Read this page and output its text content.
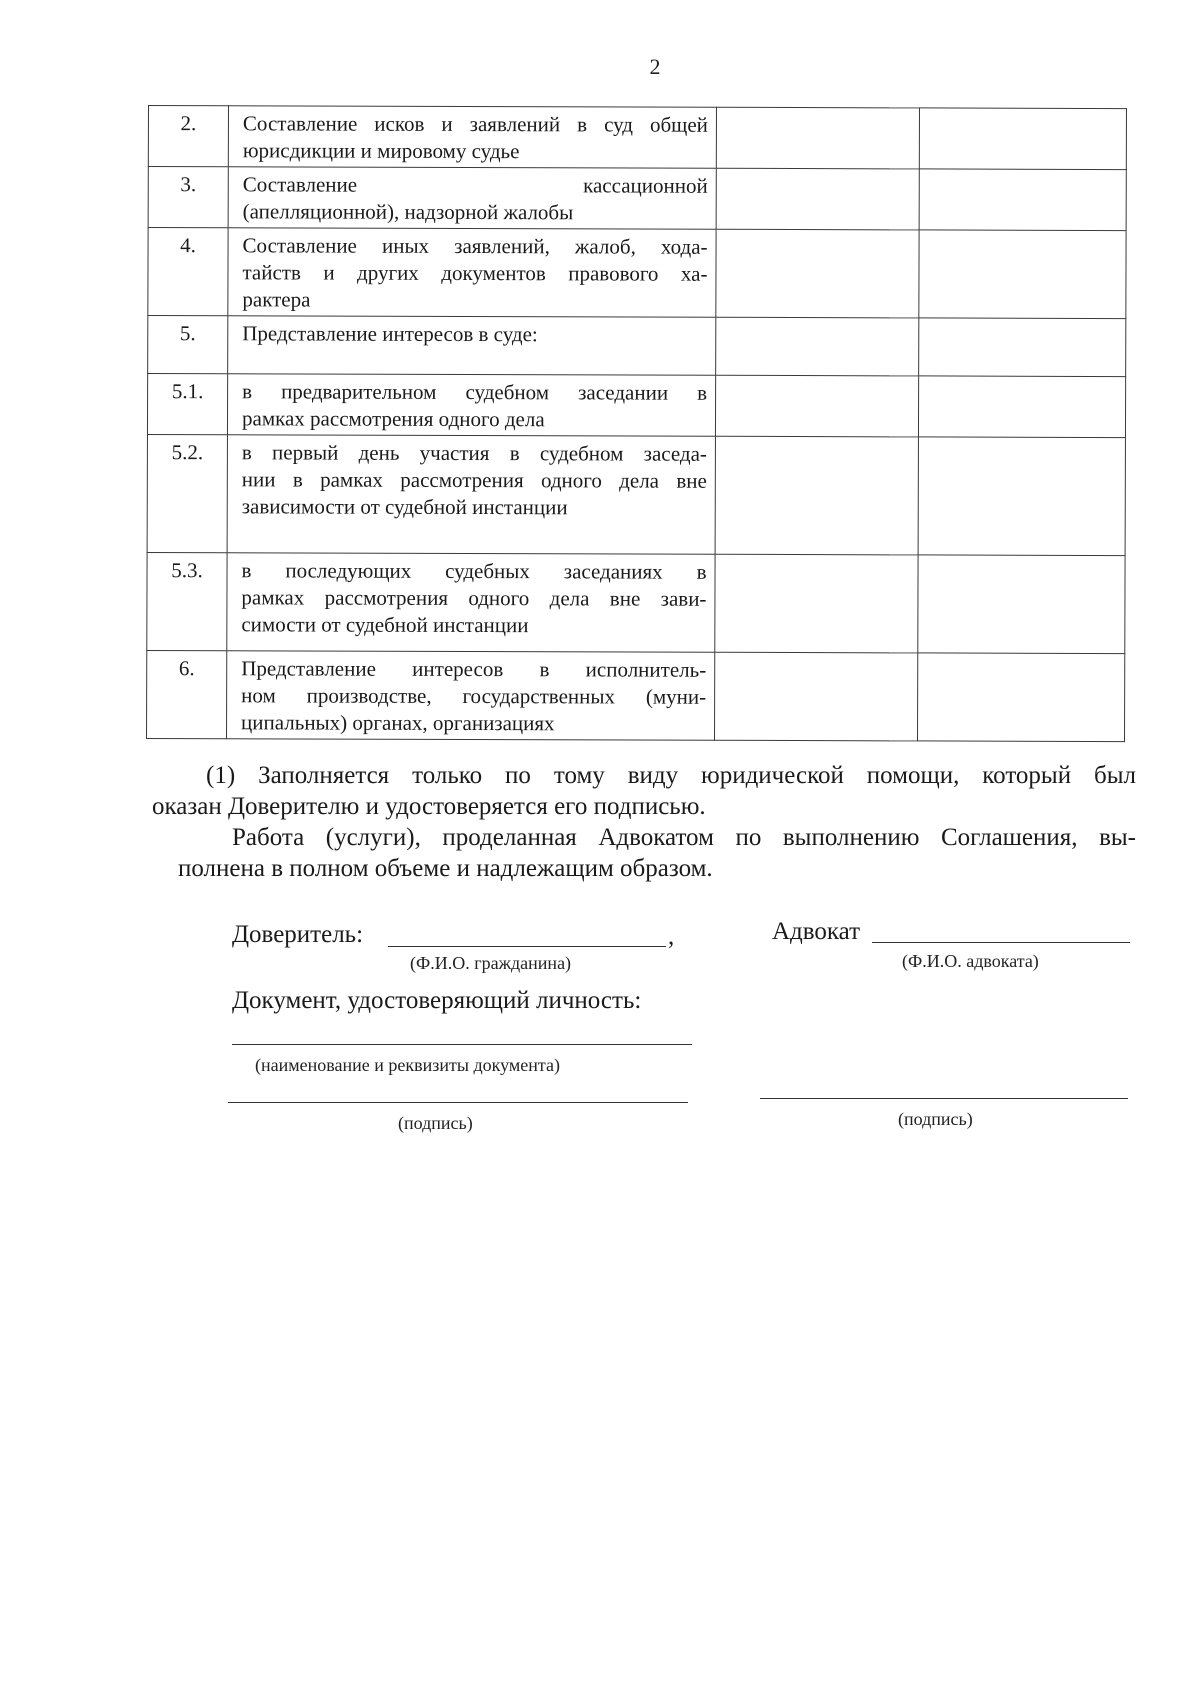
2
2.	Составление исков и заявлений в суд общей
юрисдикции и мировому судье		

3.	Составление кассационной
(апелляционной), надзорной жалобы		

4.	Составление иных заявлений, жалоб, хода-
тайств и других документов правового ха-
рактера		

5.	Представление интересов в суде:		

5.1.	в предварительном судебном заседании в
рамках рассмотрения одного дела		

5.2.	в первый день участия в судебном заседа-
нии в рамках рассмотрения одного дела вне
зависимости от судебной инстанции		

5.3.	в последующих судебных заседаниях в
рамках рассмотрения одного дела вне зави-
симости от судебной инстанции		

6.	Представление интересов в исполнитель-
ном производстве, государственных (муни-
ципальных) органах, организациях		

(1) Заполняется только по тому виду юридической помощи, который был
оказан Доверителю и удостоверяется его подписью.

Работа (услуги), проделанная Адвокатом по выполнению Соглашения, вы-
полнена в полном объеме и надлежащим образом.

Доверитель:	,
(Ф.И.О. гражданина)
Адвокат
(Ф.И.О. адвоката)
Документ, удостоверяющий личность:
(наименование и реквизиты документа)
(подпись)	(подпись)
